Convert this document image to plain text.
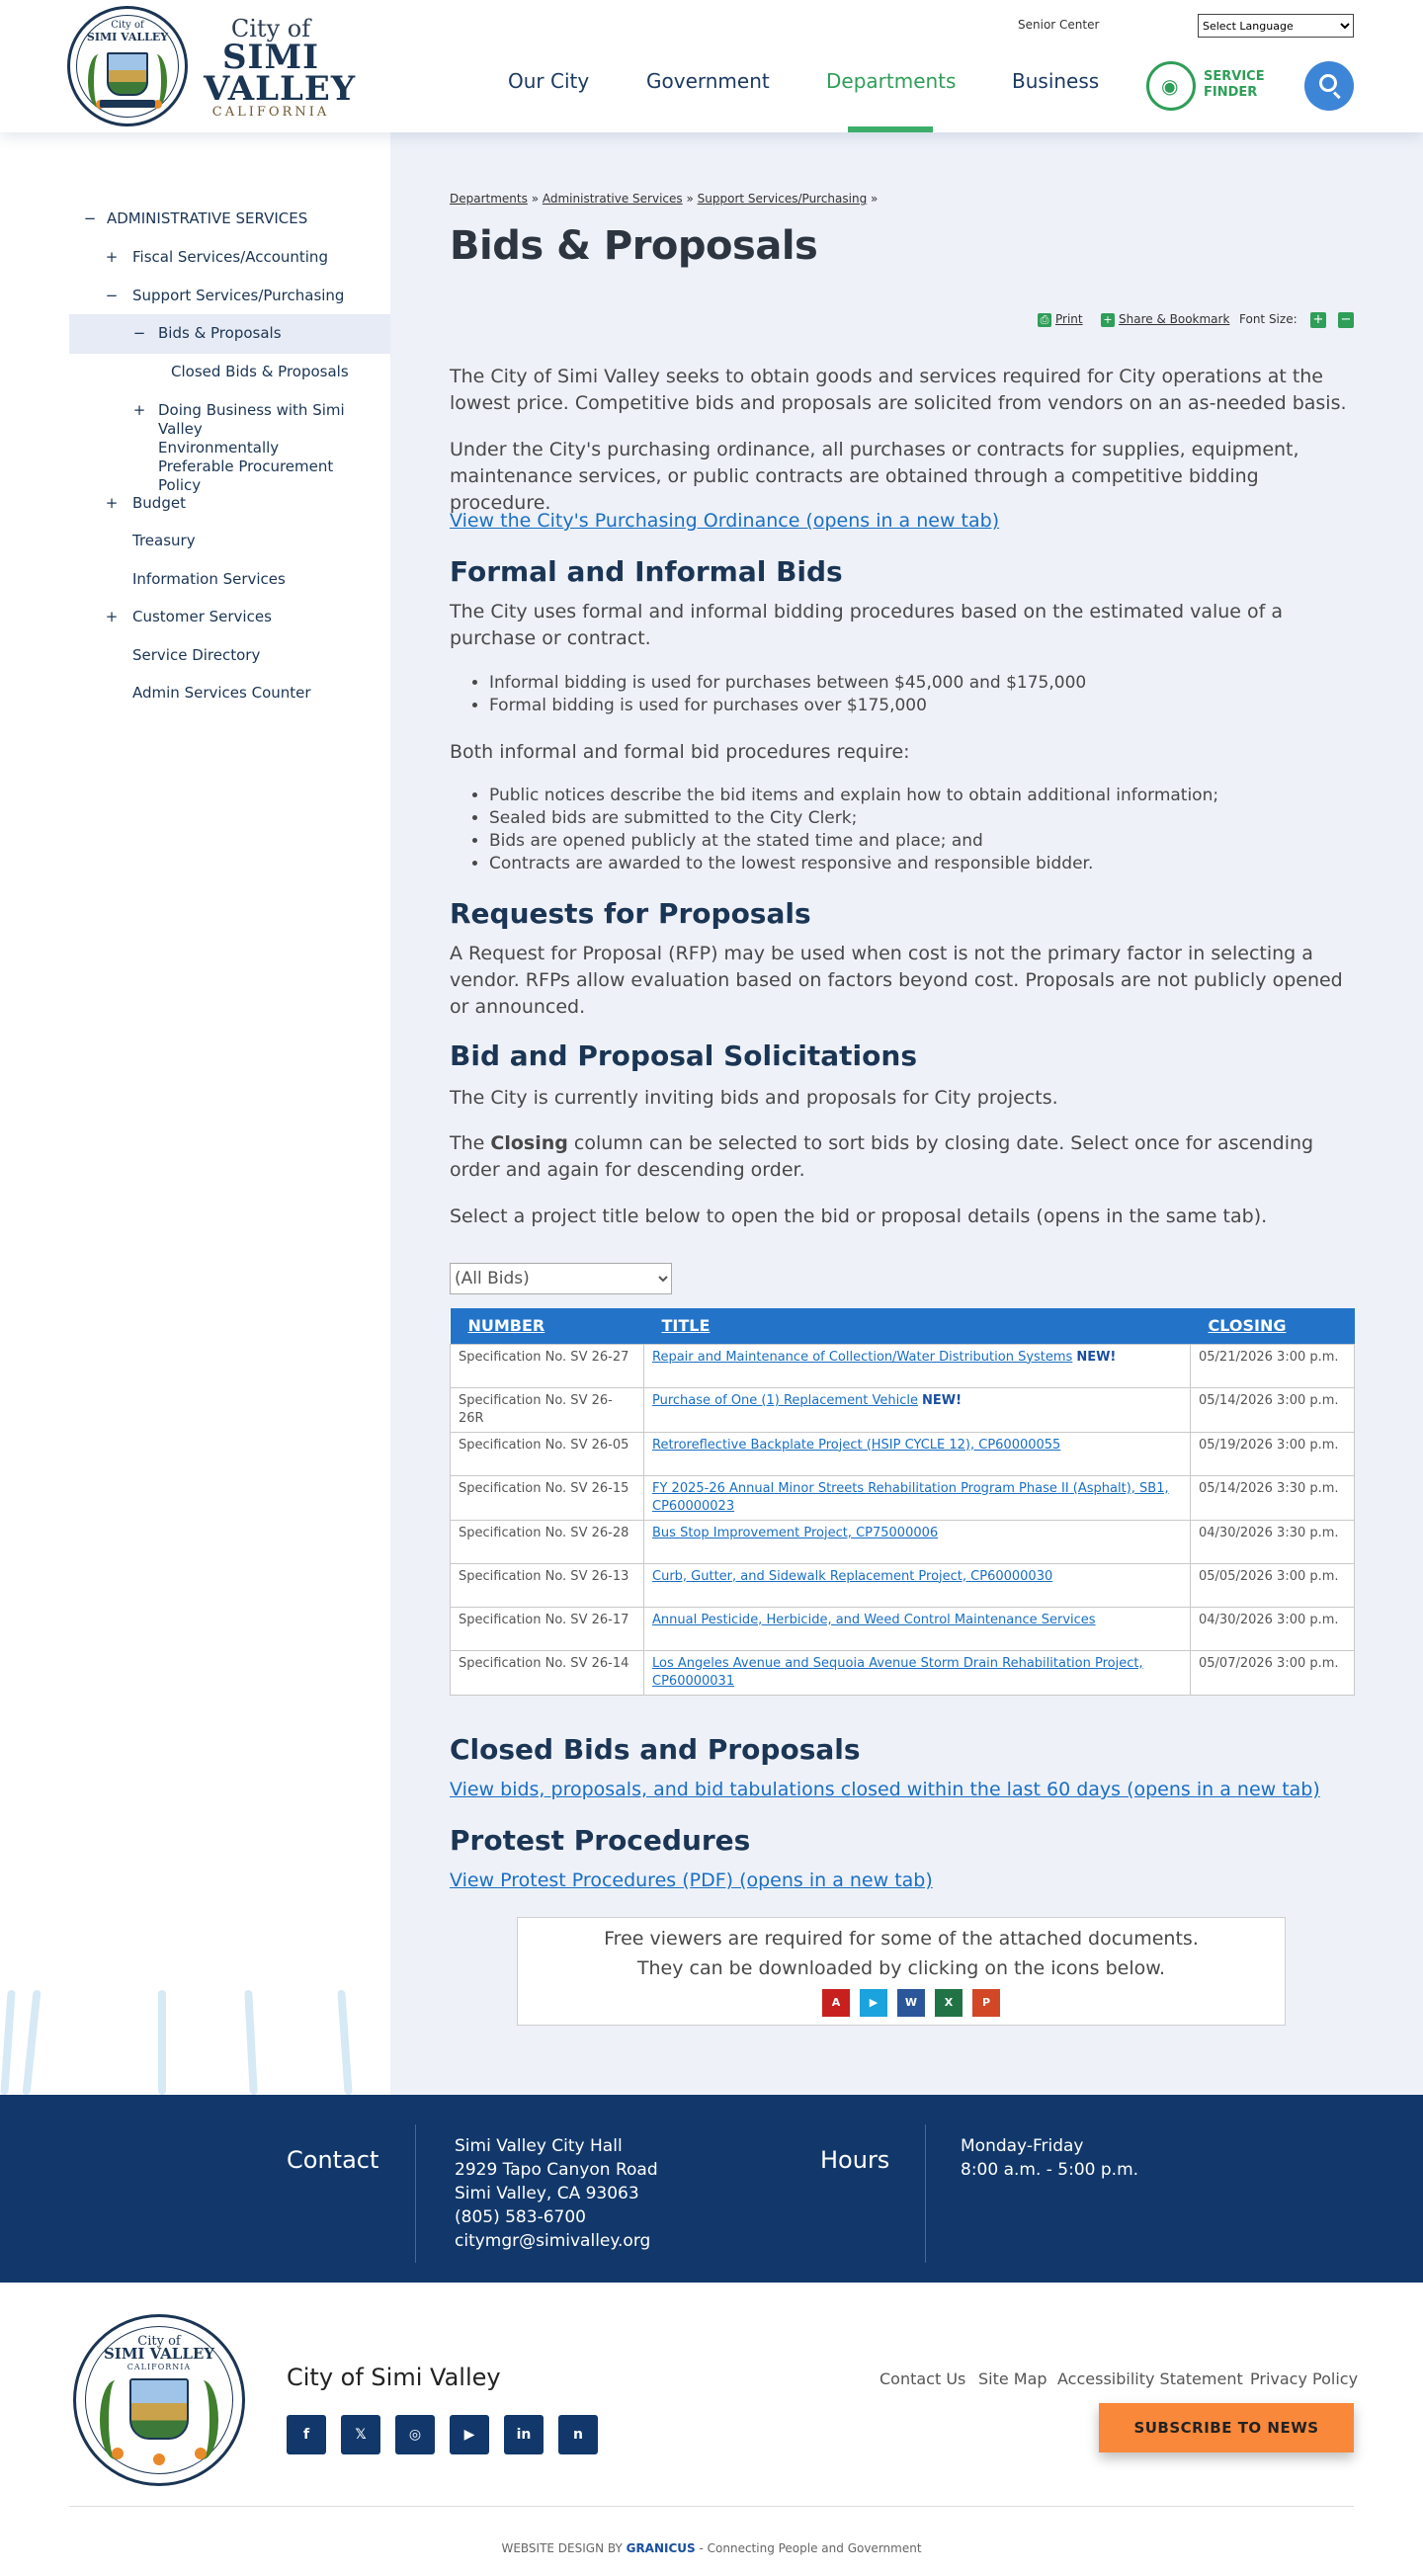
City of
SIMI VALLEY	City of
SIMI
VALLEY
CALIFORNIA
Senior Center
Select Language
Our City	Government	Departments	Business	◉ SERVICE
FINDER
− ADMINISTRATIVE SERVICES
+ Fiscal Services/Accounting
− Support Services/Purchasing
− Bids & Proposals
Closed Bids & Proposals
+ Doing Business with Simi Valley
Environmentally Preferable Procurement Policy
+ Budget
Treasury
Information Services
+ Customer Services
Service Directory
Admin Services Counter
Departments » Administrative Services » Support Services/Purchasing »
Bids & Proposals
⎙ Print + Share & Bookmark Font Size: + −

The City of Simi Valley seeks to obtain goods and services required for City operations at the lowest price. Competitive bids and proposals are solicited from vendors on an as-needed basis.

Under the City's purchasing ordinance, all purchases or contracts for supplies, equipment, maintenance services, or public contracts are obtained through a competitive bidding procedure.

View the City's Purchasing Ordinance (opens in a new tab)
Formal and Informal Bids

The City uses formal and informal bidding procedures based on the estimated value of a purchase or contract.

• Informal bidding is used for purchases between $45,000 and $175,000
• Formal bidding is used for purchases over $175,000

Both informal and formal bid procedures require:

• Public notices describe the bid items and explain how to obtain additional information;
• Sealed bids are submitted to the City Clerk;
• Bids are opened publicly at the stated time and place; and
• Contracts are awarded to the lowest responsive and responsible bidder.
Requests for Proposals

A Request for Proposal (RFP) may be used when cost is not the primary factor in selecting a vendor. RFPs allow evaluation based on factors beyond cost. Proposals are not publicly opened or announced.

Bid and Proposal Solicitations

The City is currently inviting bids and proposals for City projects.

The Closing column can be selected to sort bids by closing date. Select once for ascending order and again for descending order.

Select a project title below to open the bid or proposal details (opens in the same tab).

(All Bids)
NUMBER	TITLE	CLOSING
Specification No. SV 26-27	Repair and Maintenance of Collection/Water Distribution Systems NEW!	05/21/2026 3:00 p.m.
Specification No. SV 26-26R	Purchase of One (1) Replacement Vehicle NEW!	05/14/2026 3:00 p.m.
Specification No. SV 26-05	Retroreflective Backplate Project (HSIP CYCLE 12), CP60000055	05/19/2026 3:00 p.m.
Specification No. SV 26-15	FY 2025-26 Annual Minor Streets Rehabilitation Program Phase II (Asphalt), SB1, CP60000023	05/14/2026 3:30 p.m.
Specification No. SV 26-28	Bus Stop Improvement Project, CP75000006	04/30/2026 3:30 p.m.
Specification No. SV 26-13	Curb, Gutter, and Sidewalk Replacement Project, CP60000030	05/05/2026 3:00 p.m.
Specification No. SV 26-17	Annual Pesticide, Herbicide, and Weed Control Maintenance Services	04/30/2026 3:00 p.m.
Specification No. SV 26-14	Los Angeles Avenue and Sequoia Avenue Storm Drain Rehabilitation Project, CP60000031	05/07/2026 3:00 p.m.
Closed Bids and Proposals
View bids, proposals, and bid tabulations closed within the last 60 days (opens in a new tab)
Protest Procedures
View Protest Procedures (PDF) (opens in a new tab)
Free viewers are required for some of the attached documents.
They can be downloaded by clicking on the icons below.
A	▶	W	X	P
Contact	Simi Valley City Hall
2929 Tapo Canyon Road
Simi Valley, CA 93063
(805) 583-6700
citymgr@simivalley.org
Hours	Monday-Friday
8:00 a.m. - 5:00 p.m.
City of
SIMI VALLEY
CALIFORNIA	City of Simi Valley
f	𝕏	◎	▶	in	n
Contact Us Site Map Accessibility Statement Privacy Policy
SUBSCRIBE TO NEWS
WEBSITE DESIGN BY GRANICUS - Connecting People and Government
